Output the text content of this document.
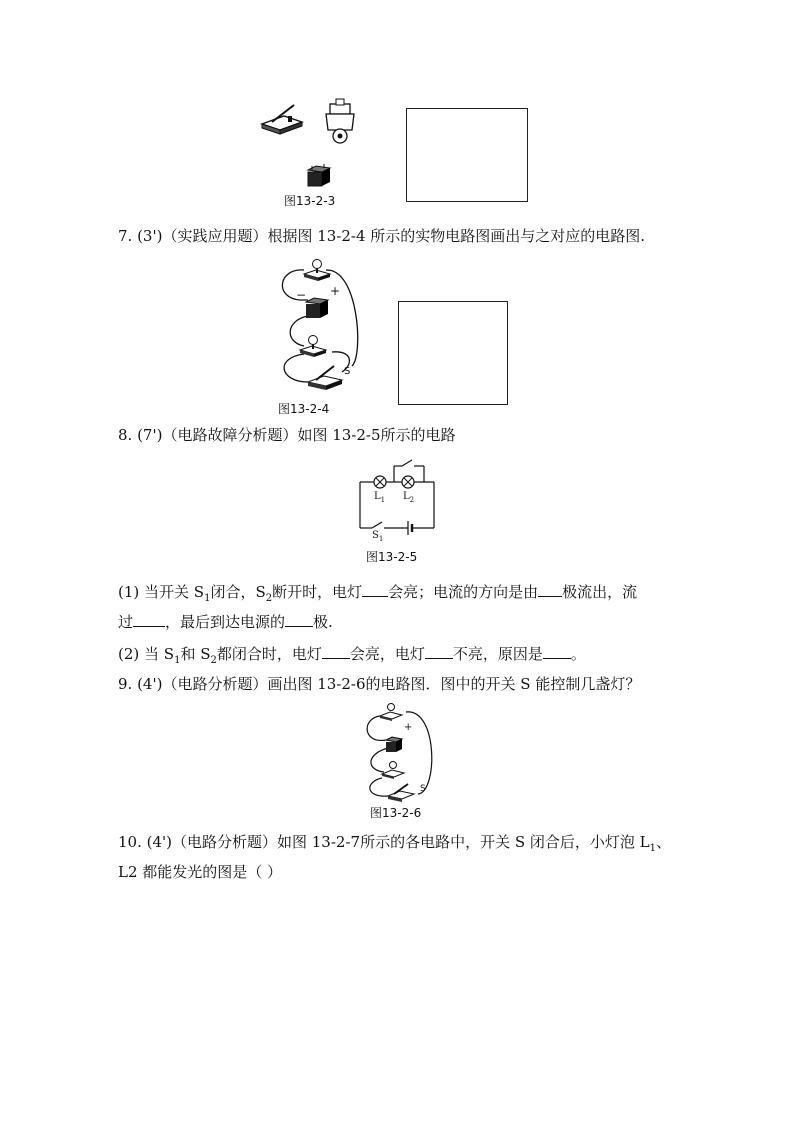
图13-2-3
7. (3')（实践应用题）根据图 13-2-4 所示的实物电路图画出与之对应的电路图.
+
−
S
图13-2-4
8. (7')（电路故障分析题）如图 13-2-5所示的电路
$L_1$ $L_2$
$S_1$
图13-2-5
(1) 当开关 $S_1$闭合，$S_2$断开时，电灯 会亮；电流的方向是由 极流出，流
过 ，最后到达电源的 极.
(2) 当 $S_1$和 $S_2$都闭合时，电灯 会亮，电灯 不亮，原因是 。
9. (4')（电路分析题）画出图 13-2-6的电路图．图中的开关 S 能控制几盏灯？
+
S
图13-2-6
10. (4')（电路分析题）如图 13-2-7所示的各电路中，开关 S 闭合后，小灯泡 $L_1$、
L2 都能发光的图是（ ）
